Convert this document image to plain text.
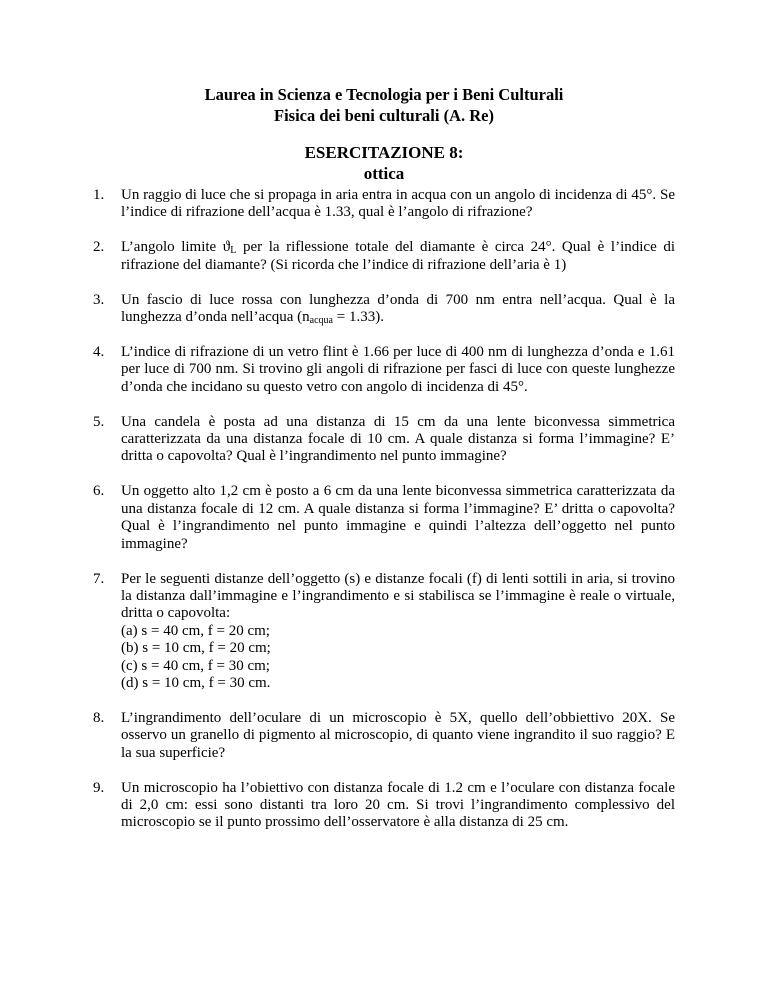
Laurea in Scienza e Tecnologia per i Beni Culturali
Fisica dei beni culturali (A. Re)
ESERCITAZIONE 8:
ottica
1. Un raggio di luce che si propaga in aria entra in acqua con un angolo di incidenza di 45°. Se l’indice di rifrazione dell’acqua è 1.33, qual è l’angolo di rifrazione?
2. L’angolo limite $ϑ_L$ per la riflessione totale del diamante è circa 24°. Qual è l’indice di rifrazione del diamante? (Si ricorda che l’indice di rifrazione dell’aria è 1)
3. Un fascio di luce rossa con lunghezza d’onda di 700 nm entra nell’acqua. Qual è la lunghezza d’onda nell’acqua $(n_{acqua} = 1.33)$.
4. L’indice di rifrazione di un vetro flint è 1.66 per luce di 400 nm di lunghezza d’onda e 1.61 per luce di 700 nm. Si trovino gli angoli di rifrazione per fasci di luce con queste lunghezze d’onda che incidano su questo vetro con angolo di incidenza di 45°.
5. Una candela è posta ad una distanza di 15 cm da una lente biconvessa simmetrica caratterizzata da una distanza focale di 10 cm. A quale distanza si forma l’immagine? E’ dritta o capovolta? Qual è l’ingrandimento nel punto immagine?
6. Un oggetto alto 1,2 cm è posto a 6 cm da una lente biconvessa simmetrica caratterizzata da una distanza focale di 12 cm. A quale distanza si forma l’immagine? E’ dritta o capovolta? Qual è l’ingrandimento nel punto immagine e quindi l’altezza dell’oggetto nel punto immagine?
7. Per le seguenti distanze dell’oggetto (s) e distanze focali (f) di lenti sottili in aria, si trovino la distanza dall’immagine e l’ingrandimento e si stabilisca se l’immagine è reale o virtuale, dritta o capovolta:
(a) s = 40 cm, f = 20 cm;
(b) s = 10 cm, f = 20 cm;
(c) s = 40 cm, f = 30 cm;
(d) s = 10 cm, f = 30 cm.
8. L’ingrandimento dell’oculare di un microscopio è 5X, quello dell’obbiettivo 20X. Se osservo un granello di pigmento al microscopio, di quanto viene ingrandito il suo raggio? E la sua superficie?
9. Un microscopio ha l’obiettivo con distanza focale di 1.2 cm e l’oculare con distanza focale di 2,0 cm: essi sono distanti tra loro 20 cm. Si trovi l’ingrandimento complessivo del microscopio se il punto prossimo dell’osservatore è alla distanza di 25 cm.
